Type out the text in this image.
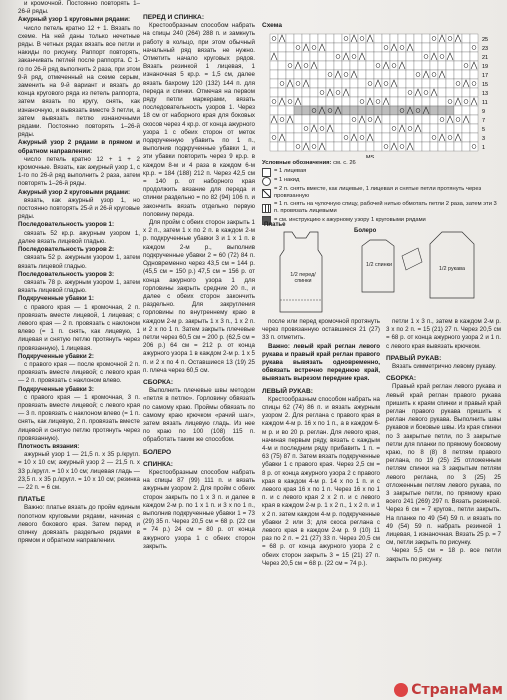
и кромочной. Постоянно повторять 1–26-й ряды.
Ажурный узор 1 круговыми рядами:
число петель кратно 12 + 1. Вязать по схеме. На ней даны только нечетные ряды. В четных рядах вязать все петли и накиды по рисунку. Раппорт повторять, заканчивать петлей после раппорта. С 1-го по 26-й ряд выполнить 2 раза, при этом 9-й ряд, отмеченный на схеме серым, заменить на 9-й вариант и вязать до конца кругового ряда из петель раппорта, затем вязать по кругу, снять, как изнаночную, и вывязать вместе 3 петли, а затем вывязать петлю изнаночными рядами. Постоянно повторять 1–26-й ряды.
Ажурный узор 2 рядами в прямом и обратном направлении:
число петель кратно 12 + 1 + 2 кромочные. Вязать, как ажурный узор 1, с 1-го по 26-й ряд выполнить 2 раза, затем повторять 1–26-й ряды.
Ажурный узор 2 круговыми рядами:
вязать, как ажурный узор 1, но постоянно повторять 25-й и 26-й круговые ряды.
Последовательность узоров 1:
связать 52 кр.р. ажурным узором 1, далее вязать лицевой гладью.
Последовательность узоров 2:
связать 52 р. ажурным узором 1, затем вязать лицевой гладью.
Последовательность узоров 3:
связать 78 р. ажурным узором 1, затем вязать лицевой гладью.
Подкрученные убавки 1:
с правого края — 1 кромочная, 2 п. провязать вместе лицевой, 1 лицевая; с левого края — 2 п. провязать с наклоном влево (= 1 п. снять, как лицевую, 1 лицевая и снятую петлю протянуть через провязанную), 1 лицевая.
Подкрученные убавки 2:
с правого края — после кромочной 2 п. провязать вместе лицевой; с левого края — 2 п. провязать с наклоном влево.
Подкрученные убавки 3:
с правого края — 1 кромочная, 3 п. провязать вместе лицевой; с левого края — 3 п. провязать с наклоном влево (= 1 п. снять, как лицевую, 2 п. провязать вместе лицевой и снятую петлю протянуть через провязанную).
Плотность вязания:
ажурный узор 1 — 21,5 п. x 35 р./кругл. = 10 x 10 см; ажурный узор 2 — 21,5 п. x 33 р./кругл. = 10 x 10 см; лицевая гладь — 23,5 п. x 35 р./кругл. = 10 x 10 см; резинка — 22 п. = 6 см.
ПЛАТЬЕ
Важно: платье вязать до пройм единым полотном круговыми рядами, начиная с левого бокового края. Затем перед и спинку довязать раздельно рядами в прямом и обратном направлении.
ПЕРЕД И СПИНКА:
Крестообразным способом набрать на спицы 240 (264) 288 п. и замкнуть работу в кольцо, при этом обычный начальный ряд вязать не нужно. Отметить начало круговых рядов. Вязать резинкой 1 лицевая, 1 изнаночная 5 кр.р. = 1,5 см, далее вязать бахрому 120 (132) 144 п. для переда и спинки. Отмечая на первом ряду петли маркерами, вязать последовательность узоров 1. Через 18 см от наборного края для боковых скосов через 4 кр.р. от конца ажурного узора 1 с обеих сторон от меток подкрученную убавить по 1 п., выполнив подкрученные убавки 1, и эти убавки повторить через 9 кр.р. в каждом 8-м и 4 раза в каждом 6-м кр.р. = 184 (188) 212 п. Через 42,5 см = 140 р. от наборного края продолжить вязание для переда и спинки раздельно = по 82 (94) 106 п. и закончить вязать отдельно первую половину переда.
Для пройм с обеих сторон закрыть 1 х 2 п., затем 1 х по 2 п. в каждом 2-м р. подкрученные убавки 3 и 1 х 1 п. в каждом 2-м р., выполнив подкрученные убавки 2 = 60 (72) 84 п. Одновременно через 43,5 см = 144 р. (45,5 см = 150 р.) 47,5 см = 156 р. от конца ажурного узора 1 для горловины закрыть средние 20 п., и далее с обеих сторон закончить раздельно. Для закругления горловины по внутреннему краю в каждом 2-м р. закрыть 1 х 3 п., 1 х 2 п. и 2 х по 1 п. Затем закрыть плечевые петли через 60,5 см = 200 р. (62,5 см = 206 р.) 64 см = 212 р. от конца ажурного узора 1 в каждом 2-м р. 1 х 5 п. и 2 х по 4 п. Оставшиеся 13 (19) 25 п. плеча через 60,5 см.
СБОРКА:
Выполнить плечевые швы методом «петля в петлю». Горловину обвязать по самому краю. Проймы обвязать по самому краю крючком «рачий шаг», затем вязать лицевую гладь. Из нее по краю по 100 (108) 115 п. обработать таким же способом.
БОЛЕРО
СПИНКА:
Крестообразным способом набрать на спицы 87 (99) 111 п. и вязать ажурным узором 2. Для пройм с обеих сторон закрыть по 1 х 3 п. и далее в каждом 2-м р. по 1 х 1 п. и 3 х по 1 п., выполнив подкрученные убавки 1 = 73 (29) 35 п. Через 20,5 см = 68 р. (22 см = 74 р.) 24 см = 80 р. от конца ажурного узора 1 с обеих сторон закрыть.
Схема
25
23
21
19
17
15
13
11
9
7
5
3
1
МS
Условные обозначения: см. с. 26
= 1 лицевая
= 1 накид
= 2 п. снять вместе, как лицевые, 1 лицевая и снятые петли протянуть через провязанную
= 1 п. снять на чулочную спицу, рабочей нитью обмотать петли 2 раза, затем эти 3 п. провязать лицевыми
= см. инструкцию к ажурному узору 1 круговыми рядами
Платье
Болеро
1/2 перед/спинки
1/2 спинки
1/2 рукава
после или перед кромочной протянуть через провязанную оставшиеся 21 (27) 33 п. отметить.
Важно: левый край реглан левого рукава и правый край реглан правого рукава вывязать одновременно, обвязать встречно переднюю край, вывязать вырезом передние края.
ЛЕВЫЙ РУКАВ:
Крестообразным способом набрать на спицы 62 (74) 86 п. и вязать ажурным узором 2. Для реглана с правого края в каждом 4-м р. 16 х по 1 п., а в каждом 6-м р. и во 20 р. реглан. Для левого края, начиная первым ряду, вязать с каждым 4-м и последним ряду прибавить 1 п. = 63 (75) 87 п. Затем вязать подкрученные убавки 1 с правого края. Через 2,5 см = 8 р. от конца ажурного узора 2 с правого края в каждом 4-м р. 14 х по 1 п. и с левого края 16 х по 1 п. Через 16 х по 1 п. и с левого края 2 х 2 п. и с левого края в каждом 2-м р. 1 х 2 п., 1 х 2 п. и 1 х 2 п. затем каждом 4-м р. подкрученные убавки 2 или 3; для скоса реглана с левого края в каждом 2-м р. 9 (10) 11 раз по 2 п. = 21 (27) 33 п. Через 20,5 см = 68 р. от конца ажурного узора 2 с обеих сторон закрыть 3 = 15 (21) 27 п. Через 20,5 см = 68 р. (22 см = 74 р.).
петли 1 х 3 п., затем в каждом 2-м р. 3 х по 2 п. = 15 (21) 27 п. Через 20,5 см = 68 р. от конца ажурного узора 2 и 1 п. с левого края вывязать крючком.
ПРАВЫЙ РУКАВ:
Вязать симметрично левому рукаву.
СБОРКА:
Правый край реглан левого рукава и левый край реглан правого рукава пришить к краям спинки и правый край реглан правого рукава пришить к реглан левого рукава. Выполнить швы рукавов и боковые швы. Из края спинки по 3 закрытые петли, по 3 закрытые петли для планки по прямому боковому краю, по 8 (8) 8 петлям правого реглана, по 19 (25) 25 отложенным петлям спинки на 3 закрытым петлям левого реглана, по 3 (25) 25 отложенным петлям левого рукава, по 3 закрытые петли, по прямому краю всего 241 (269) 297 п. Вязать резинкой. Через 6 см = 7 кругов., петли закрыть. На планке по 49 (54) 59 п. и вязать по 49 (54) 59 п. набрать резинкой 1 лицевая, 1 изнаночная. Вязать 25 р. = 7 см, петли закрыть по рисунку.
Через 5,5 см = 18 р. все петли закрыть по рисунку.
СтранаМам
